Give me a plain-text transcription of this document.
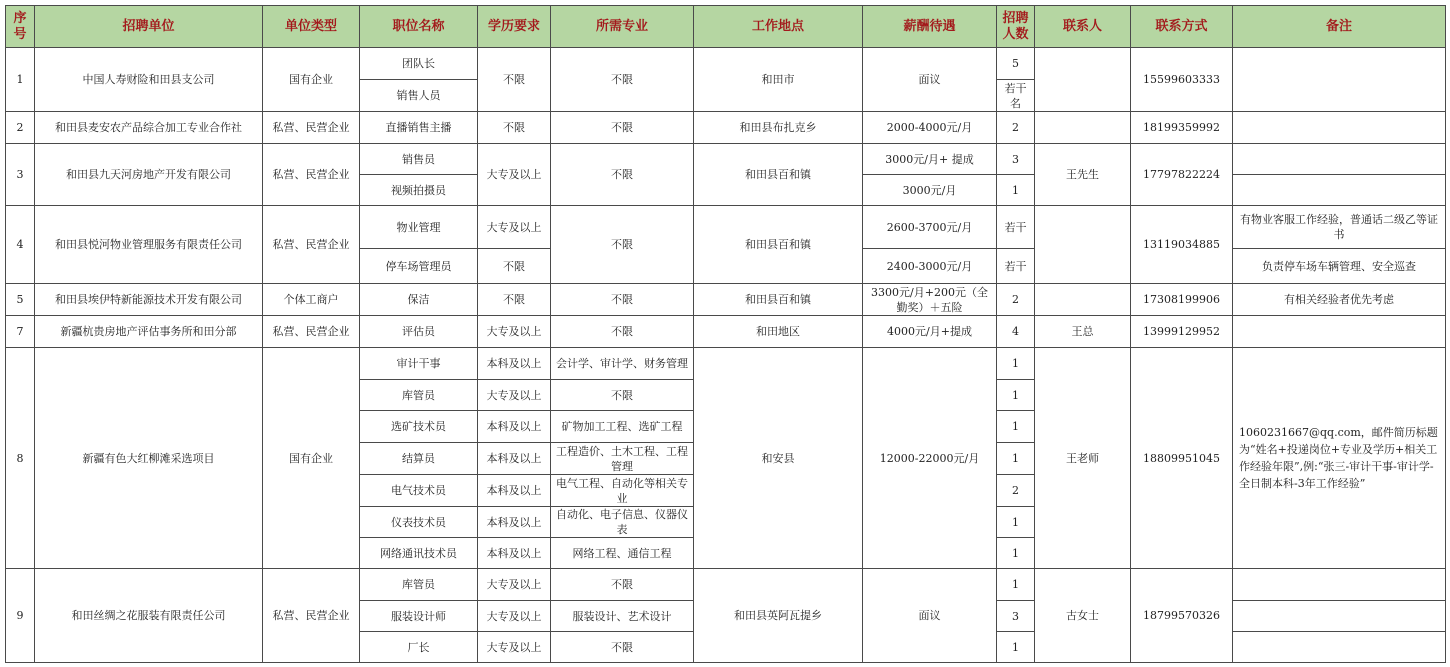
序号	招聘单位	单位类型	职位名称	学历要求	所需专业	工作地点	薪酬待遇	招聘人数	联系人	联系方式	备注
1	中国人寿财险和田县支公司	国有企业	团队长	不限	不限	和田市	面议	5		15599603333	
			销售人员					若干名			
2	和田县麦安农产品综合加工专业合作社	私营、民营企业	直播销售主播	不限	不限	和田县布扎克乡	2000-4000元/月	2		18199359992	
3	和田县九天河房地产开发有限公司	私营、民营企业	销售员	大专及以上	不限	和田县百和镇	3000元/月+ 提成	3	王先生	17797822224	
			视频拍摄员				3000元/月	1			
4	和田县悦河物业管理服务有限责任公司	私营、民营企业	物业管理	大专及以上	不限	和田县百和镇	2600-3700元/月	若干		13119034885	有物业客服工作经验，普通话二级乙等证书
			停车场管理员	不限			2400-3000元/月	若干			负责停车场车辆管理、安全巡查
5	和田县埃伊特新能源技术开发有限公司	个体工商户	保洁	不限	不限	和田县百和镇	3300元/月+200元（全勤奖）＋五险	2		17308199906	有相关经验者优先考虑
7	新疆杭贵房地产评估事务所和田分部	私营、民营企业	评估员	大专及以上	不限	和田地区	4000元/月+提成	4	王总	13999129952	
8	新疆有色大红柳滩采选项目	国有企业	审计干事	本科及以上	会计学、审计学、财务管理	和安县	12000-22000元/月	1	王老师	18809951045	1060231667@qq.com，邮件简历标题为“姓名+投递岗位+专业及学历+相关工作经验年限”,例:“张三-审计干事-审计学-全日制本科-3年工作经验”
			库管员	大专及以上	不限			1			
			选矿技术员	本科及以上	矿物加工工程、选矿工程			1			
			结算员	本科及以上	工程造价、土木工程、工程管理			1			
			电气技术员	本科及以上	电气工程、自动化等相关专业			2			
			仪表技术员	本科及以上	自动化、电子信息、仪器仪表			1			
			网络通讯技术员	本科及以上	网络工程、通信工程			1			
9	和田丝绸之花服装有限责任公司	私营、民营企业	库管员	大专及以上	不限	和田县英阿瓦提乡	面议	1	古女士	18799570326	
			服装设计师	大专及以上	服装设计、艺术设计			3			
			厂长	大专及以上	不限			1			
